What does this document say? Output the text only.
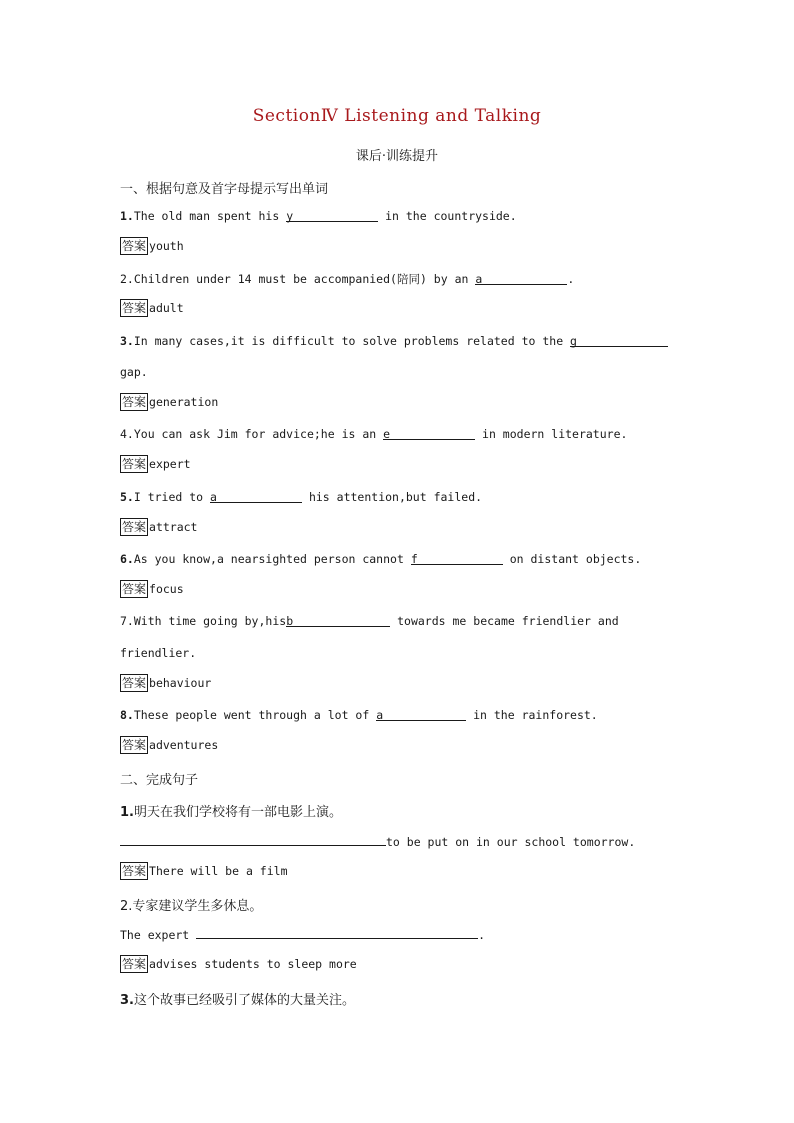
SectionⅣ Listening and Talking
课后·训练提升
一、根据句意及首字母提示写出单词
1.The old man spent his y	in the countryside.
答案 youth
2.Children under 14 must be accompanied(陪同) by an a	.
答案 adult
3.In many cases,it is difficult to solve problems related to the g
gap.
答案 generation
4.You can ask Jim for advice;he is an e	in modern literature.
答案 expert
5.I tried to a	his attention,but failed.
答案 attract
6.As you know,a nearsighted person cannot f	on distant objects.
答案 focus
7.With time going by,hisb	towards me became friendlier and
friendlier.
答案 behaviour
8.These people went through a lot of a	in the rainforest.
答案 adventures
二、完成句子
1.明天在我们学校将有一部电影上演。
to be put on in our school tomorrow.
答案 There will be a film
2.专家建议学生多休息。
The expert	.
答案 advises students to sleep more
3.这个故事已经吸引了媒体的大量关注。
